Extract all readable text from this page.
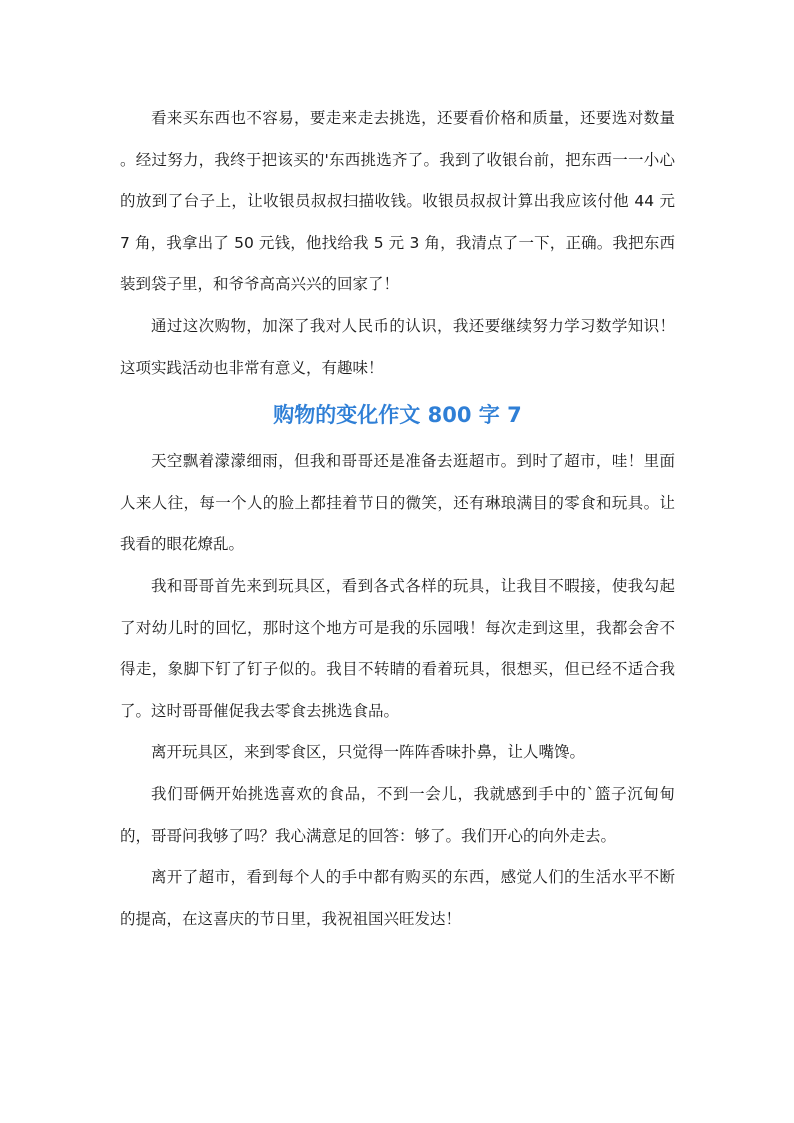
看来买东西也不容易，要走来走去挑选，还要看价格和质量，还要选对数量 。经过努力，我终于把该买的'东西挑选齐了。我到了收银台前，把东西一一小心的放到了台子上，让收银员叔叔扫描收钱。收银员叔叔计算出我应该付他 44 元 7 角，我拿出了 50 元钱，他找给我 5 元 3 角，我清点了一下，正确。我把东西装到袋子里，和爷爷高高兴兴的回家了！

通过这次购物，加深了我对人民币的认识，我还要继续努力学习数学知识！这项实践活动也非常有意义，有趣味！

购物的变化作文 800 字 7

天空飘着濛濛细雨，但我和哥哥还是准备去逛超市。到时了超市，哇！里面人来人往，每一个人的脸上都挂着节日的微笑，还有琳琅满目的零食和玩具。让我看的眼花燎乱。

我和哥哥首先来到玩具区，看到各式各样的玩具，让我目不暇接，使我勾起了对幼儿时的回忆，那时这个地方可是我的乐园哦！每次走到这里，我都会舍不得走，象脚下钉了钉子似的。我目不转睛的看着玩具，很想买，但已经不适合我了。这时哥哥催促我去零食去挑选食品。

离开玩具区，来到零食区，只觉得一阵阵香味扑鼻，让人嘴馋。

我们哥俩开始挑选喜欢的食品，不到一会儿，我就感到手中的`篮子沉甸甸的，哥哥问我够了吗？我心满意足的回答：够了。我们开心的向外走去。

离开了超市，看到每个人的手中都有购买的东西，感觉人们的生活水平不断的提高，在这喜庆的节日里，我祝祖国兴旺发达！
